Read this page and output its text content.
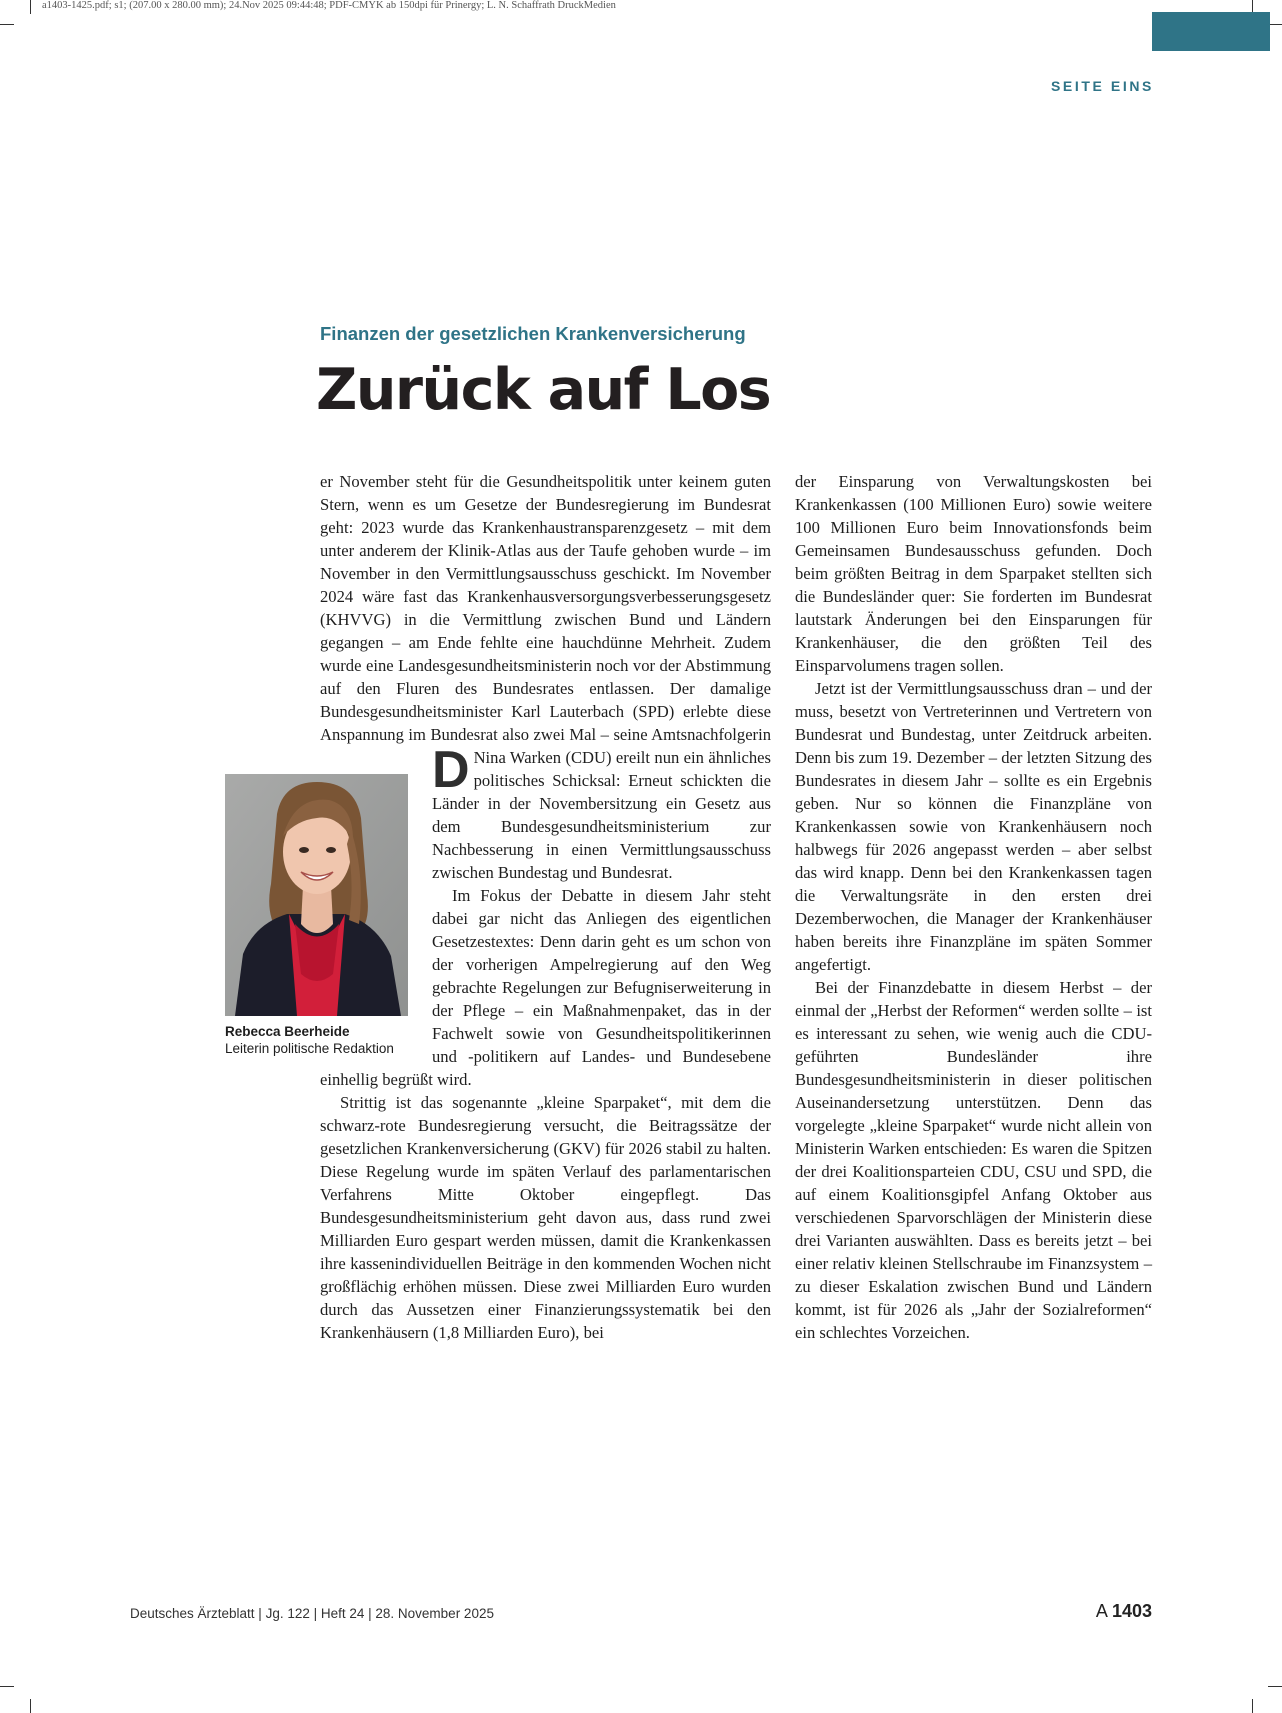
a1403-1425.pdf; s1; (207.00 x 280.00 mm); 24.Nov 2025 09:44:48; PDF-CMYK ab 150dpi für Prinergy; L. N. Schaffrath DruckMedien
SEITE EINS
Finanzen der gesetzlichen Krankenversicherung
Zurück auf Los

D
er November steht für die Gesundheitspolitik unter keinem guten Stern, wenn es um Gesetze der Bundesregierung im Bundesrat geht: 2023 wurde das Krankenhaustransparenzgesetz – mit dem unter anderem der Klinik-Atlas aus der Taufe gehoben wurde – im November in den Vermittlungsausschuss geschickt. Im November 2024 wäre fast das Krankenhausversorgungsverbesserungsgesetz (KHVVG) in die Vermittlung zwischen Bund und Ländern gegangen – am Ende fehlte eine hauchdünne Mehrheit. Zudem wurde eine Landesgesundheitsministerin noch vor der Abstimmung auf den Fluren des Bundesrates entlassen. Der damalige Bundesgesundheitsminister Karl Lauterbach (SPD) erlebte diese Anspannung im Bundesrat also zwei Mal – seine Amtsnachfolgerin Nina Warken (CDU) ereilt nun ein ähnliches politisches Schicksal: Erneut schickten die Länder in der Novembersitzung ein Gesetz aus dem Bundesgesundheitsministerium zur Nachbesserung in einen Vermittlungsausschuss zwischen Bundestag und Bundesrat.

Im Fokus der Debatte in diesem Jahr steht dabei gar nicht das Anliegen des eigentlichen Gesetzestextes: Denn darin geht es um schon von der vorherigen Ampelregierung auf den Weg gebrachte Regelungen zur Befugniserweiterung in der Pflege – ein Maßnahmenpaket, das in der Fachwelt sowie von Gesundheitspolitikerinnen und -politikern auf Landes- und Bundesebene einhellig begrüßt wird.

Strittig ist das sogenannte „kleine Sparpaket“, mit dem die schwarz-rote Bundesregierung versucht, die Beitragssätze der gesetzlichen Krankenversicherung (GKV) für 2026 stabil zu halten. Diese Regelung wurde im späten Verlauf des parlamentarischen Verfahrens Mitte Oktober eingepflegt. Das Bundesgesundheitsministerium geht davon aus, dass rund zwei Milliarden Euro gespart werden müssen, damit die Krankenkassen ihre kassenindividuellen Beiträge in den kommenden Wochen nicht großflächig erhöhen müssen. Diese zwei Milliarden Euro wurden durch das Aussetzen einer Finanzierungssystematik bei den Krankenhäusern (1,8 Milliarden Euro), bei

der Einsparung von Verwaltungskosten bei Krankenkassen (100 Millionen Euro) sowie weitere 100 Millionen Euro beim Innovationsfonds beim Gemeinsamen Bundesausschuss gefunden. Doch beim größten Beitrag in dem Sparpaket stellten sich die Bundesländer quer: Sie forderten im Bundesrat lautstark Änderungen bei den Einsparungen für Krankenhäuser, die den größten Teil des Einsparvolumens tragen sollen.

Jetzt ist der Vermittlungsausschuss dran – und der muss, besetzt von Vertreterinnen und Vertretern von Bundesrat und Bundestag, unter Zeitdruck arbeiten. Denn bis zum 19. Dezember – der letzten Sitzung des Bundesrates in diesem Jahr – sollte es ein Ergebnis geben. Nur so können die Finanzpläne von Krankenkassen sowie von Krankenhäusern noch halbwegs für 2026 angepasst werden – aber selbst das wird knapp. Denn bei den Krankenkassen tagen die Verwaltungsräte in den ersten drei Dezemberwochen, die Manager der Krankenhäuser haben bereits ihre Finanzpläne im späten Sommer angefertigt.

Bei der Finanzdebatte in diesem Herbst – der einmal der „Herbst der Reformen“ werden sollte – ist es interessant zu sehen, wie wenig auch die CDU-geführten Bundesländer ihre Bundesgesundheitsministerin in dieser politischen Auseinandersetzung unterstützen. Denn das vorgelegte „kleine Sparpaket“ wurde nicht allein von Ministerin Warken entschieden: Es waren die Spitzen der drei Koalitionsparteien CDU, CSU und SPD, die auf einem Koalitionsgipfel Anfang Oktober aus verschiedenen Sparvorschlägen der Ministerin diese drei Varianten auswählten. Dass es bereits jetzt – bei einer relativ kleinen Stellschraube im Finanzsystem – zu dieser Eskalation zwischen Bund und Ländern kommt, ist für 2026 als „Jahr der Sozialreformen“ ein schlechtes Vorzeichen.

Rebecca Beerheide
Leiterin politische Redaktion
Deutsches Ärzteblatt | Jg. 122 | Heft 24 | 28. November 2025	A 1403
